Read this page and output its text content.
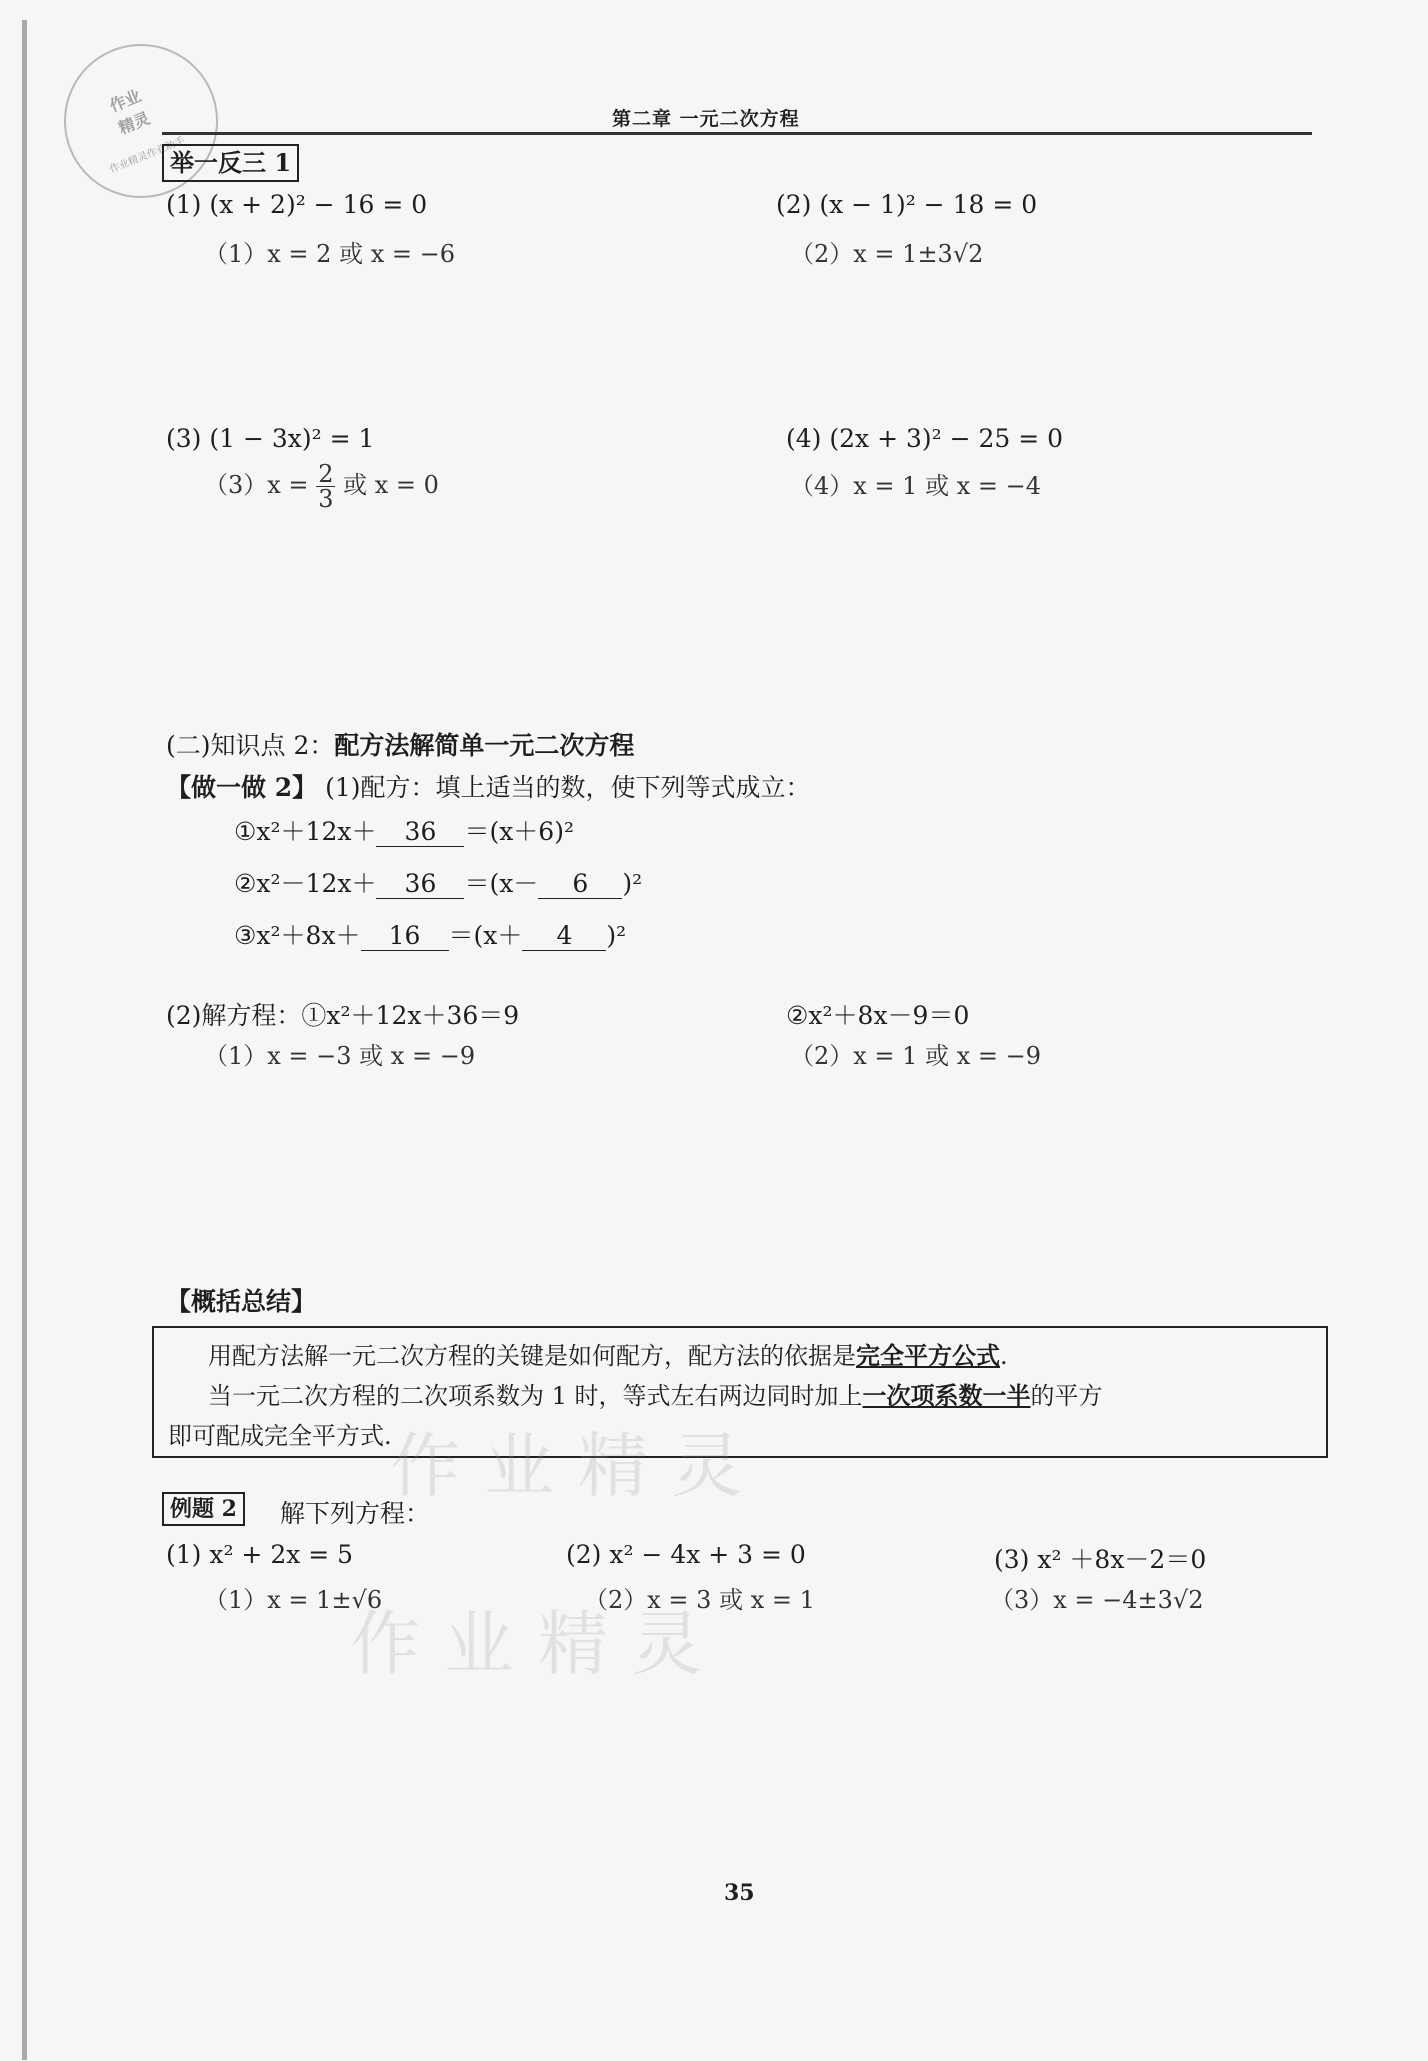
作业
精灵
作业精灵作业助手
第二章 一元二次方程
举一反三 1
(1) (x + 2)² − 16 = 0
（1）x = 2 或 x = −6
(2) (x − 1)² − 18 = 0
（2）x = 1±3√2
(3) (1 − 3x)² = 1
$(3)x = \frac{2}{3}$ 或 x = 0
(4) (2x + 3)² − 25 = 0
（4）x = 1 或 x = −4
(二)知识点 2：配方法解简单一元二次方程
【做一做 2】 (1)配方：填上适当的数，使下列等式成立：
①x²＋12x＋ 36 ＝(x＋6)²
②x²－12x＋ 36 ＝(x－ 6 )²
③x²＋8x＋ 16 ＝(x＋ 4 )²
(2)解方程：①x²＋12x＋36＝9
（1）x = −3 或 x = −9
②x²＋8x－9＝0
（2）x = 1 或 x = −9
【概括总结】
用配方法解一元二次方程的关键是如何配方，配方法的依据是完全平方公式.
当一元二次方程的二次项系数为 1 时，等式左右两边同时加上一次项系数一半的平方
即可配成完全平方式.
例题 2	解下列方程：
(1) x² + 2x = 5
（1）x = 1±√6
(2) x² − 4x + 3 = 0
（2）x = 3 或 x = 1
(3) x² ＋8x－2＝0
（3）x = −4±3√2
作业精灵
作业精灵
35
